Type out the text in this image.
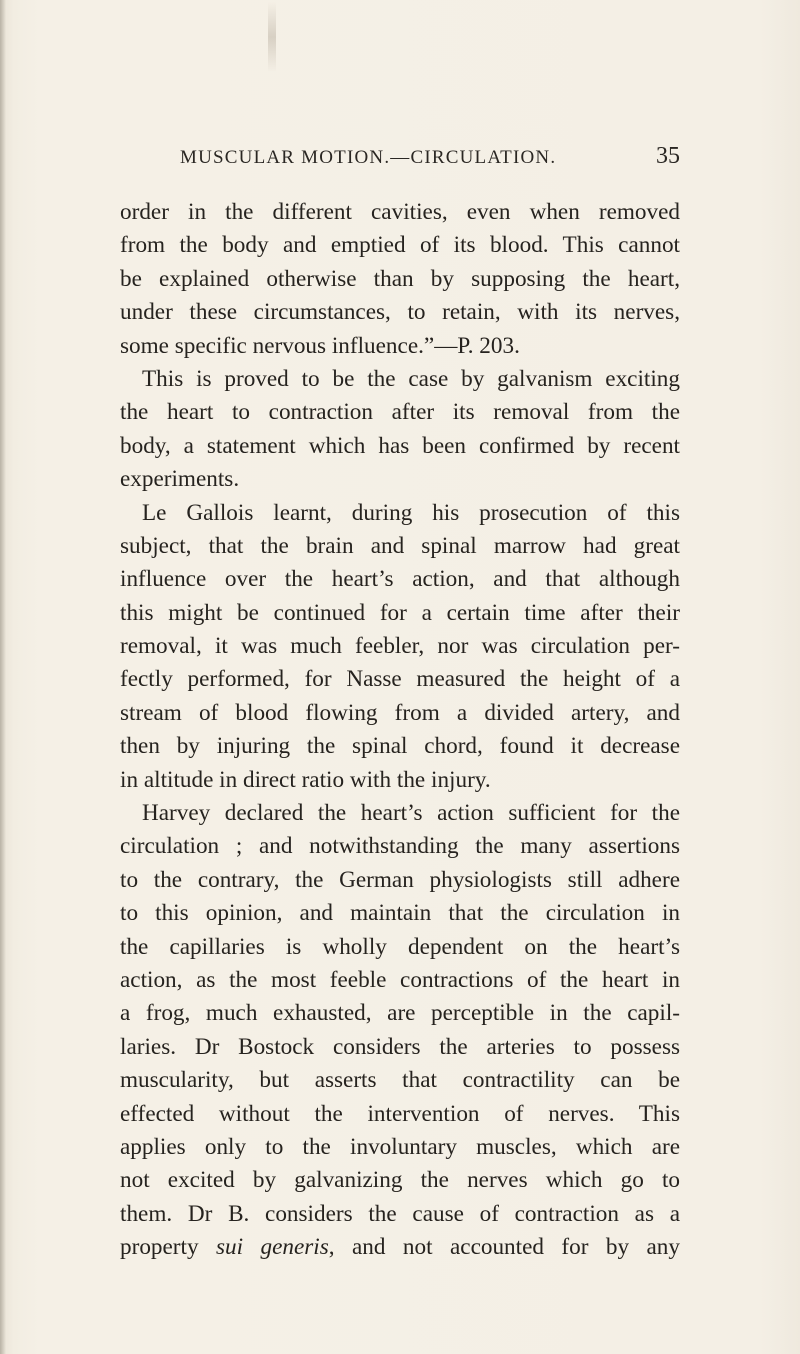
MUSCULAR MOTION.—CIRCULATION.	35
order in the different cavities, even when removed
from the body and emptied of its blood. This cannot
be explained otherwise than by supposing the heart,
under these circumstances, to retain, with its nerves,
some specific nervous influence.”—P. 203.
This is proved to be the case by galvanism exciting
the heart to contraction after its removal from the
body, a statement which has been confirmed by recent
experiments.
Le Gallois learnt, during his prosecution of this
subject, that the brain and spinal marrow had great
influence over the heart’s action, and that although
this might be continued for a certain time after their
removal, it was much feebler, nor was circulation per-
fectly performed, for Nasse measured the height of a
stream of blood flowing from a divided artery, and
then by injuring the spinal chord, found it decrease
in altitude in direct ratio with the injury.
Harvey declared the heart’s action sufficient for the
circulation ; and notwithstanding the many assertions
to the contrary, the German physiologists still adhere
to this opinion, and maintain that the circulation in
the capillaries is wholly dependent on the heart’s
action, as the most feeble contractions of the heart in
a frog, much exhausted, are perceptible in the capil-
laries. Dr Bostock considers the arteries to possess
muscularity, but asserts that contractility can be
effected without the intervention of nerves. This
applies only to the involuntary muscles, which are
not excited by galvanizing the nerves which go to
them. Dr B. considers the cause of contraction as a
property sui generis, and not accounted for by any
